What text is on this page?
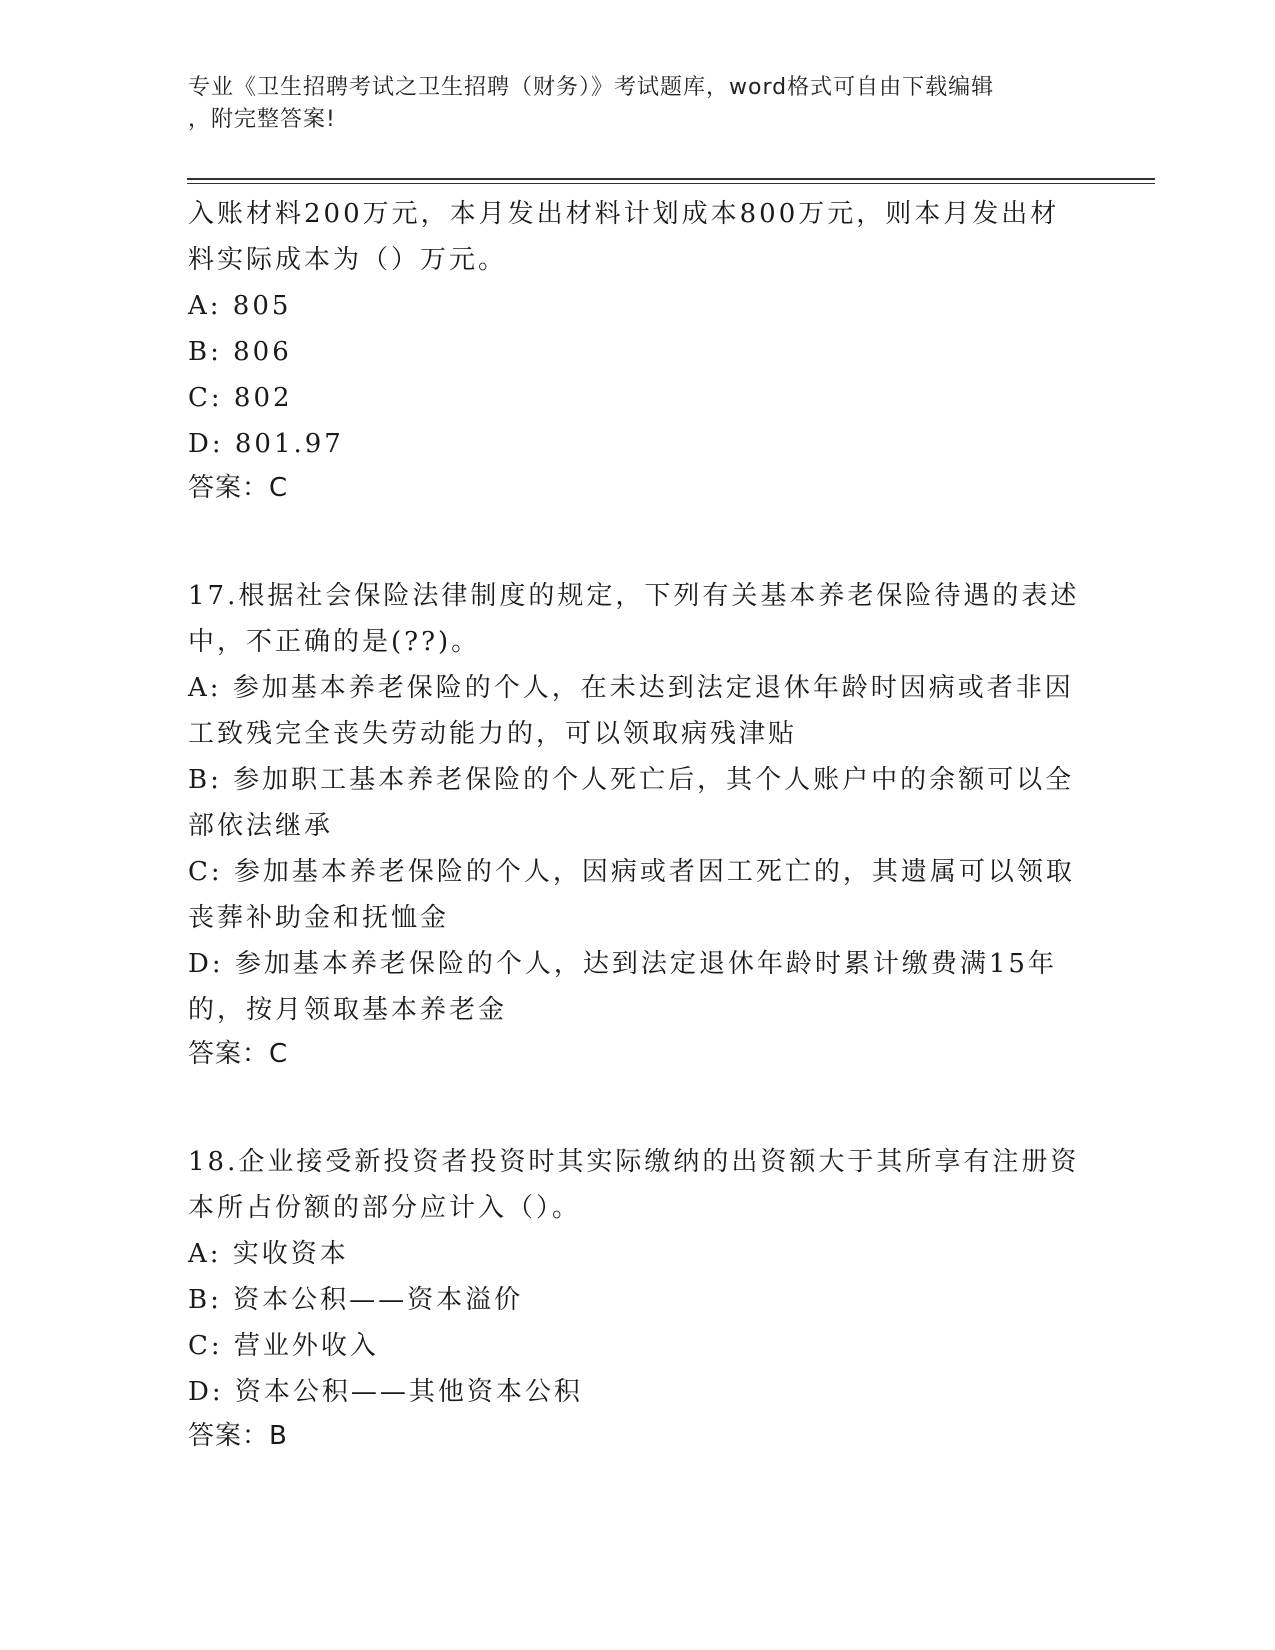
专业《卫生招聘考试之卫生招聘（财务）》考试题库，word格式可自由下载编辑
，附完整答案!
入账材料200万元，本月发出材料计划成本800万元，则本月发出材
料实际成本为（）万元。
A: 805
B: 806
C: 802
D: 801.97
答案：C
17.根据社会保险法律制度的规定，下列有关基本养老保险待遇的表述
中，不正确的是(??)。
A: 参加基本养老保险的个人，在未达到法定退休年龄时因病或者非因
工致残完全丧失劳动能力的，可以领取病残津贴
B: 参加职工基本养老保险的个人死亡后，其个人账户中的余额可以全
部依法继承
C: 参加基本养老保险的个人，因病或者因工死亡的，其遗属可以领取
丧葬补助金和抚恤金
D: 参加基本养老保险的个人，达到法定退休年龄时累计缴费满15年
的，按月领取基本养老金
答案：C
18.企业接受新投资者投资时其实际缴纳的出资额大于其所享有注册资
本所占份额的部分应计入（）。
A: 实收资本
B: 资本公积——资本溢价
C: 营业外收入
D: 资本公积——其他资本公积
答案：B
